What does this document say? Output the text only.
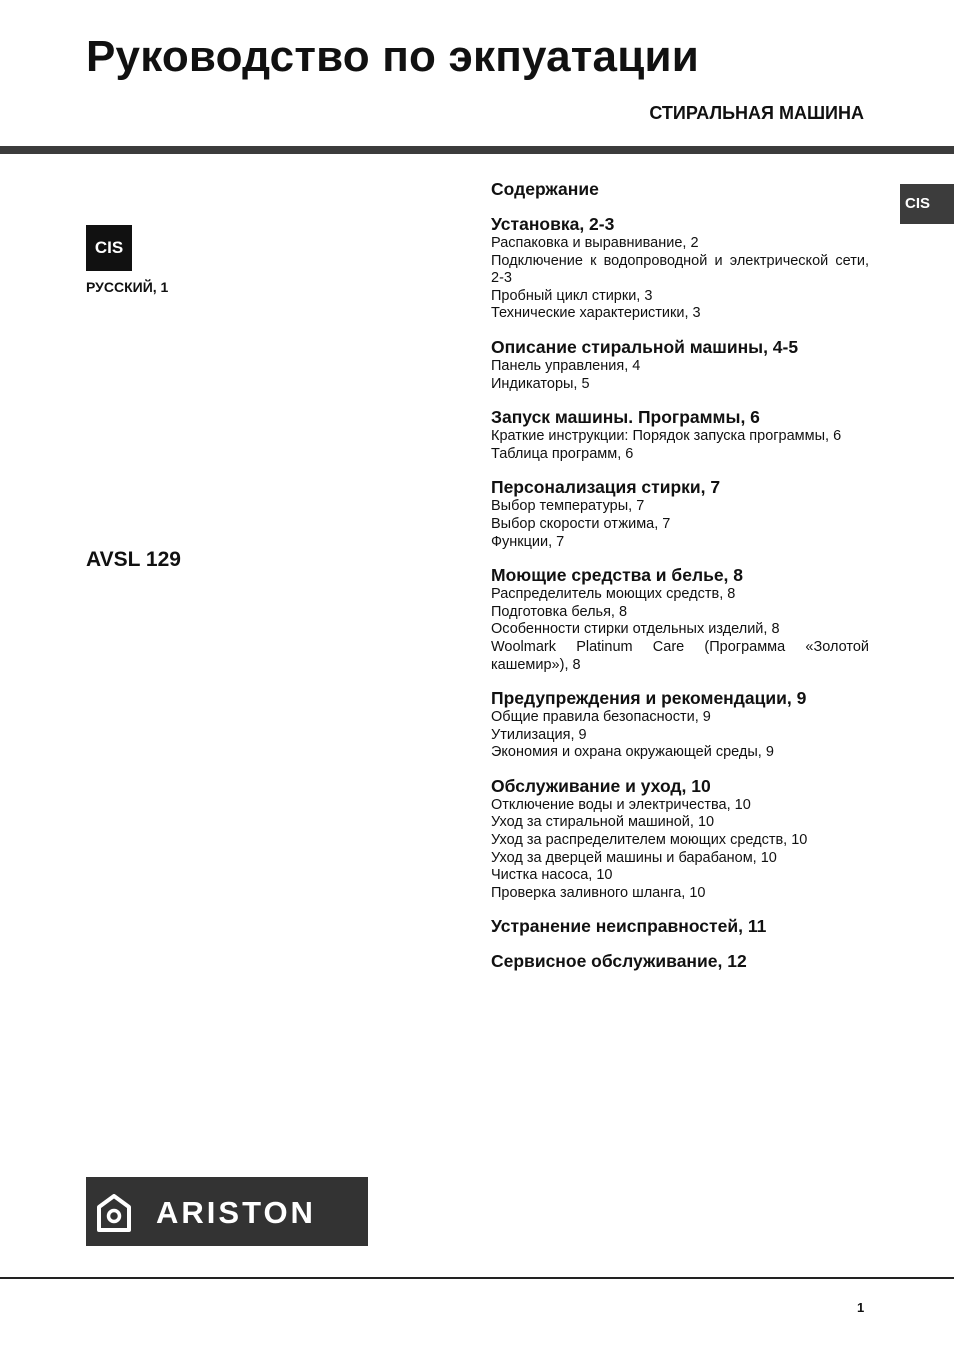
Руководство по экпуатации
СТИРАЛЬНАЯ МАШИНА
CIS
CIS
РУССКИЙ, 1
AVSL 129
Содержание
Установка, 2-3
Распаковка и выравнивание, 2
Подключение к водопроводной и электрической сети, 2-3
Пробный цикл стирки, 3
Технические характеристики, 3
Описание стиральной машины, 4-5
Панель управления, 4
Индикаторы, 5
Запуск машины. Программы, 6
Краткие инструкции: Порядок запуска программы, 6
Таблица программ, 6
Персонализация стирки, 7
Выбор температуры, 7
Выбор скорости отжима, 7
Функции, 7
Моющие средства и белье, 8
Распределитель моющих средств, 8
Подготовка белья, 8
Особенности стирки отдельных изделий, 8
Woolmark Platinum Care (Программа «Золотой кашемир»), 8
Предупреждения и рекомендации, 9
Общие правила безопасности, 9
Утилизация, 9
Экономия и охрана окружающей среды, 9
Обслуживание и уход, 10
Отключение воды и электричества, 10
Уход за стиральной машиной, 10
Уход за распределителем моющих средств, 10
Уход за дверцей машины и барабаном, 10
Чистка насоса, 10
Проверка заливного шланга, 10
Устранение неисправностей, 11
Сервисное обслуживание, 12
ARISTON
1
